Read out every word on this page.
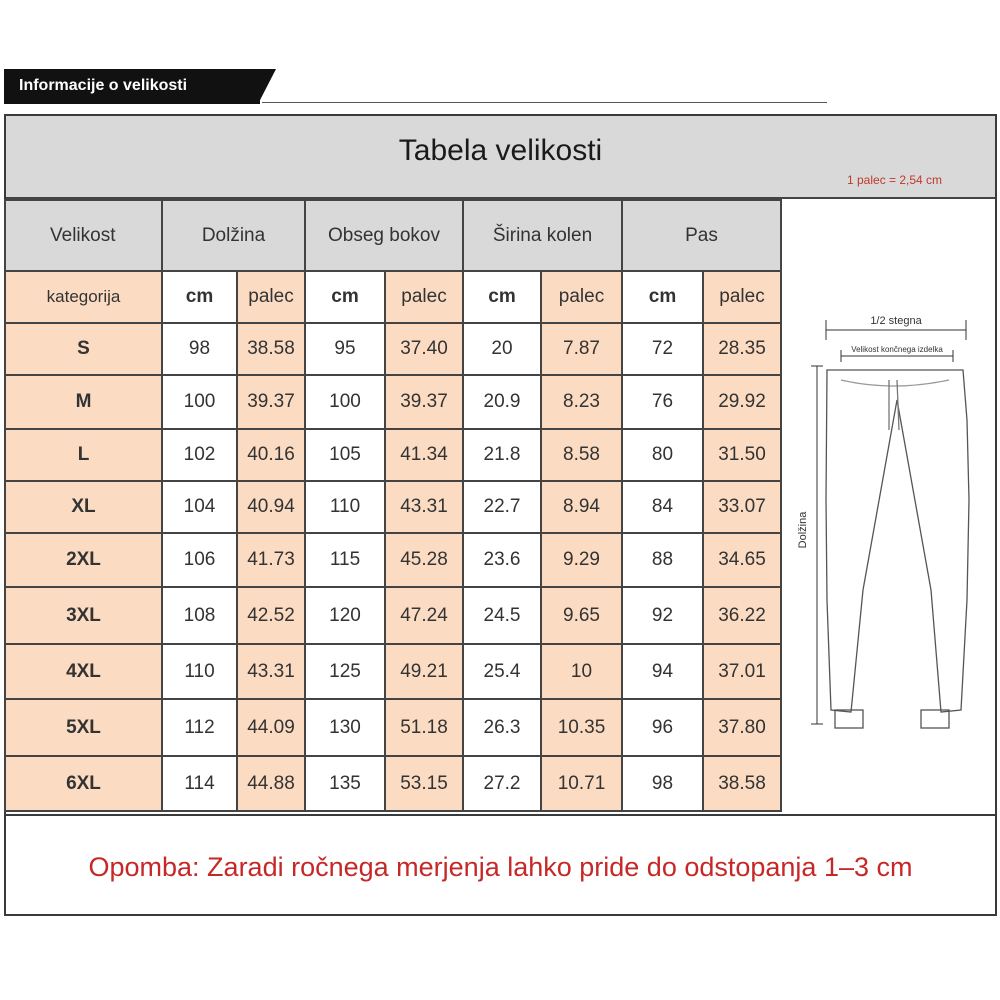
Informacije o velikosti
Tabela velikosti
1 palec = 2,54 cm
Velikost	Dolžina		Obseg bokov		Širina kolen		Pas	
kategorija	cm	palec	cm	palec	cm	palec	cm	palec
S	98	38.58	95	37.40	20	7.87	72	28.35
M	100	39.37	100	39.37	20.9	8.23	76	29.92
L	102	40.16	105	41.34	21.8	8.58	80	31.50
XL	104	40.94	110	43.31	22.7	8.94	84	33.07
2XL	106	41.73	115	45.28	23.6	9.29	88	34.65
3XL	108	42.52	120	47.24	24.5	9.65	92	36.22
4XL	110	43.31	125	49.21	25.4	10	94	37.01
5XL	112	44.09	130	51.18	26.3	10.35	96	37.80
6XL	114	44.88	135	53.15	27.2	10.71	98	38.58
1/2 stegna
Velikost končnega izdelka
Dolžina
Opomba: Zaradi ročnega merjenja lahko pride do odstopanja 1–3 cm
